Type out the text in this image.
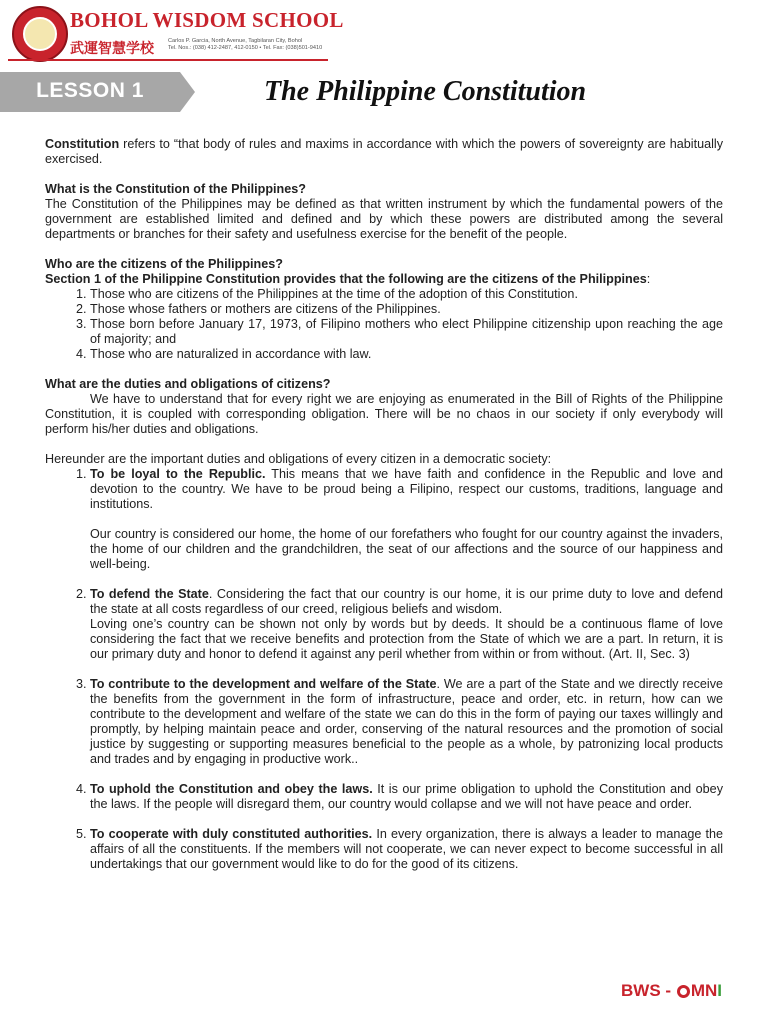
BOHOL WISDOM SCHOOL
武運智慧学校	Carlos P. Garcia, North Avenue, Tagbilaran City, Bohol
Tel. Nos.: (038) 412-2487, 412-0150 • Tel. Fax: (038)501-9410
LESSON 1	The Philippine Constitution

Constitution refers to “that body of rules and maxims in accordance with which the powers of sovereignty are habitually exercised.

What is the Constitution of the Philippines?

The Constitution of the Philippines may be defined as that written instrument by which the fundamental powers of the government are established limited and defined and by which these powers are distributed among the several departments or branches for their safety and usefulness exercise for the benefit of the people.

Who are the citizens of the Philippines?

Section 1 of the Philippine Constitution provides that the following are the citizens of the Philippines:

1. Those who are citizens of the Philippines at the time of the adoption of this Constitution.
2. Those whose fathers or mothers are citizens of the Philippines.
3. Those born before January 17, 1973, of Filipino mothers who elect Philippine citizenship upon reaching the age of majority; and
4. Those who are naturalized in accordance with law.

What are the duties and obligations of citizens?

We have to understand that for every right we are enjoying as enumerated in the Bill of Rights of the Philippine Constitution, it is coupled with corresponding obligation. There will be no chaos in our society if only everybody will perform his/her duties and obligations.

Hereunder are the important duties and obligations of every citizen in a democratic society:

1. To be loyal to the Republic. This means that we have faith and confidence in the Republic and love and devotion to the country. We have to be proud being a Filipino, respect our customs, traditions, language and institutions.

Our country is considered our home, the home of our forefathers who fought for our country against the invaders, the home of our children and the grandchildren, the seat of our affections and the source of our happiness and well-being.

2. To defend the State. Considering the fact that our country is our home, it is our prime duty to love and defend the state at all costs regardless of our creed, religious beliefs and wisdom.

Loving one’s country can be shown not only by words but by deeds. It should be a continuous flame of love considering the fact that we receive benefits and protection from the State of which we are a part. In return, it is our primary duty and honor to defend it against any peril whether from within or from without. (Art. II, Sec. 3)

3. To contribute to the development and welfare of the State. We are a part of the State and we directly receive the benefits from the government in the form of infrastructure, peace and order, etc. in return, how can we contribute to the development and welfare of the state we can do this in the form of paying our taxes willingly and promptly, by helping maintain peace and order, conserving of the natural resources and the promotion of social justice by suggesting or supporting measures beneficial to the people as a whole, by patronizing local products and trades and by engaging in productive work..

4. To uphold the Constitution and obey the laws. It is our prime obligation to uphold the Constitution and obey the laws. If the people will disregard them, our country would collapse and we will not have peace and order.

5. To cooperate with duly constituted authorities. In every organization, there is always a leader to manage the affairs of all the constituents. If the members will not cooperate, we can never expect to become successful in all undertakings that our government would like to do for the good of its citizens.

BWS - MNI
